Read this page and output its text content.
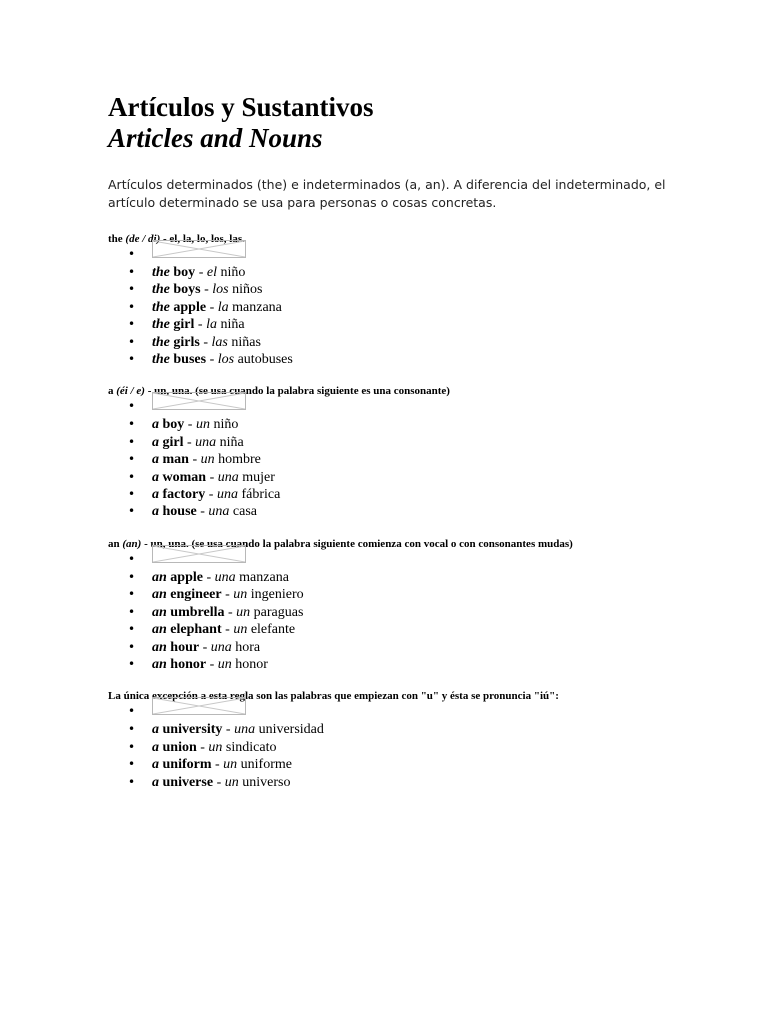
Artículos y Sustantivos
Articles and Nouns

Artículos determinados (the) e indeterminados (a, an). A diferencia del indeterminado, el artículo determinado se usa para personas o cosas concretas.

the (de / di) - el, la, lo, los, las.

•
• the boy - el niño
• the boys - los niños
• the apple - la manzana
• the girl - la niña
• the girls - las niñas
• the buses - los autobuses

a (éi / e) - un, una. (se usa cuando la palabra siguiente es una consonante)

•
• a boy - un niño
• a girl - una niña
• a man - un hombre
• a woman - una mujer
• a factory - una fábrica
• a house - una casa

an (an) - un, una. (se usa cuando la palabra siguiente comienza con vocal o con consonantes mudas)

•
• an apple - una manzana
• an engineer - un ingeniero
• an umbrella - un paraguas
• an elephant - un elefante
• an hour - una hora
• an honor - un honor

La única excepción a esta regla son las palabras que empiezan con "u" y ésta se pronuncia "iú":

•
• a university - una universidad
• a union - un sindicato
• a uniform - un uniforme
• a universe - un universo
